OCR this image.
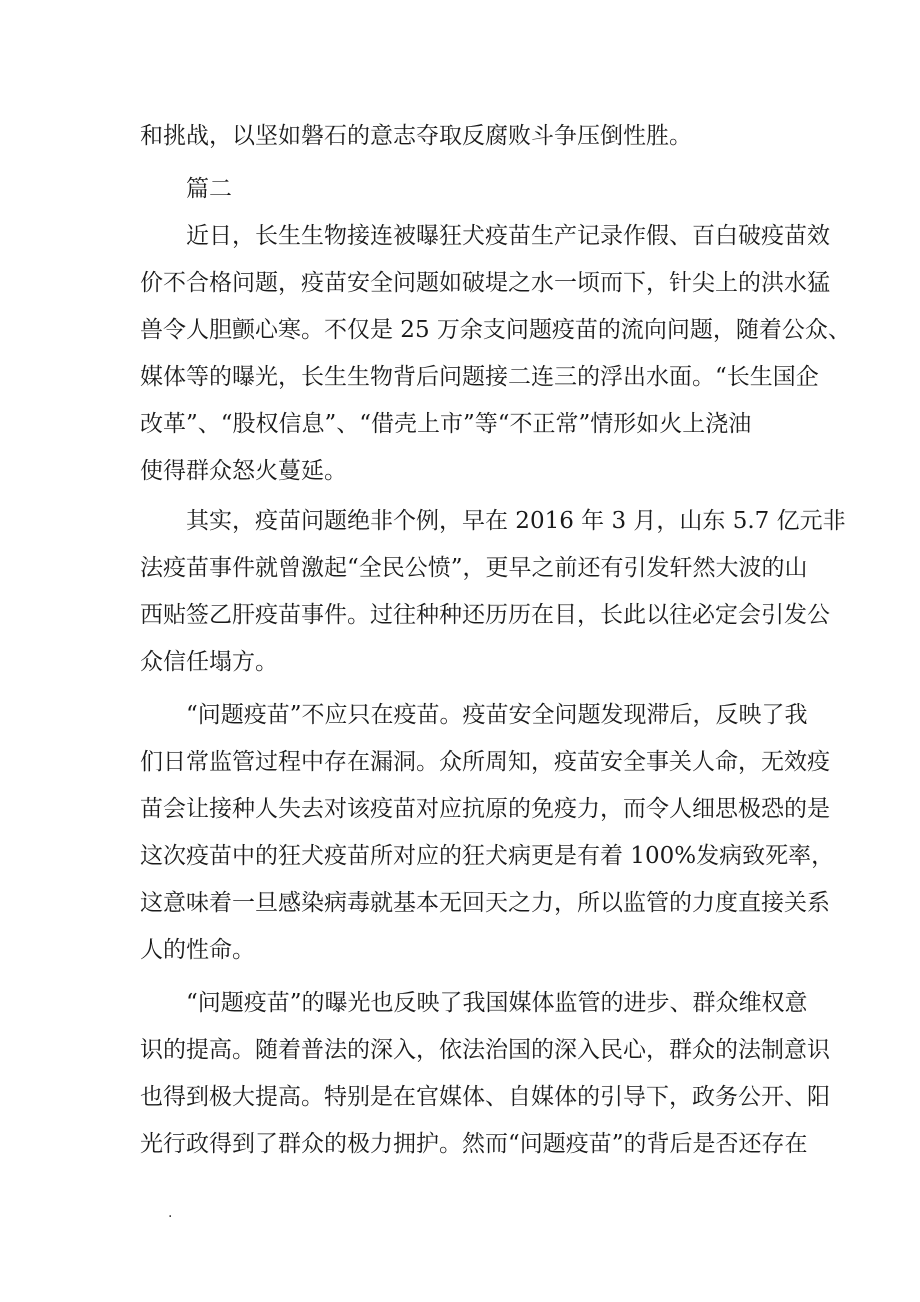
和挑战，以坚如磐石的意志夺取反腐败斗争压倒性胜。
篇二
近日，长生生物接连被曝狂犬疫苗生产记录作假、百白破疫苗效
价不合格问题，疫苗安全问题如破堤之水一顷而下，针尖上的洪水猛
兽令人胆颤心寒。不仅是 25 万余支问题疫苗的流向问题，随着公众、
媒体等的曝光，长生生物背后问题接二连三的浮出水面。“长生国企
改革”、“股权信息”、“借壳上市”等“不正常”情形如火上浇油
使得群众怒火蔓延。
其实，疫苗问题绝非个例，早在 2016 年 3 月，山东 5.7 亿元非
法疫苗事件就曾激起“全民公愤”，更早之前还有引发轩然大波的山
西贴签乙肝疫苗事件。过往种种还历历在目，长此以往必定会引发公
众信任塌方。
“问题疫苗”不应只在疫苗。疫苗安全问题发现滞后，反映了我
们日常监管过程中存在漏洞。众所周知，疫苗安全事关人命，无效疫
苗会让接种人失去对该疫苗对应抗原的免疫力，而令人细思极恐的是
这次疫苗中的狂犬疫苗所对应的狂犬病更是有着 100%发病致死率，
这意味着一旦感染病毒就基本无回天之力，所以监管的力度直接关系
人的性命。
“问题疫苗”的曝光也反映了我国媒体监管的进步、群众维权意
识的提高。随着普法的深入，依法治国的深入民心，群众的法制意识
也得到极大提高。特别是在官媒体、自媒体的引导下，政务公开、阳
光行政得到了群众的极力拥护。然而“问题疫苗”的背后是否还存在
.
